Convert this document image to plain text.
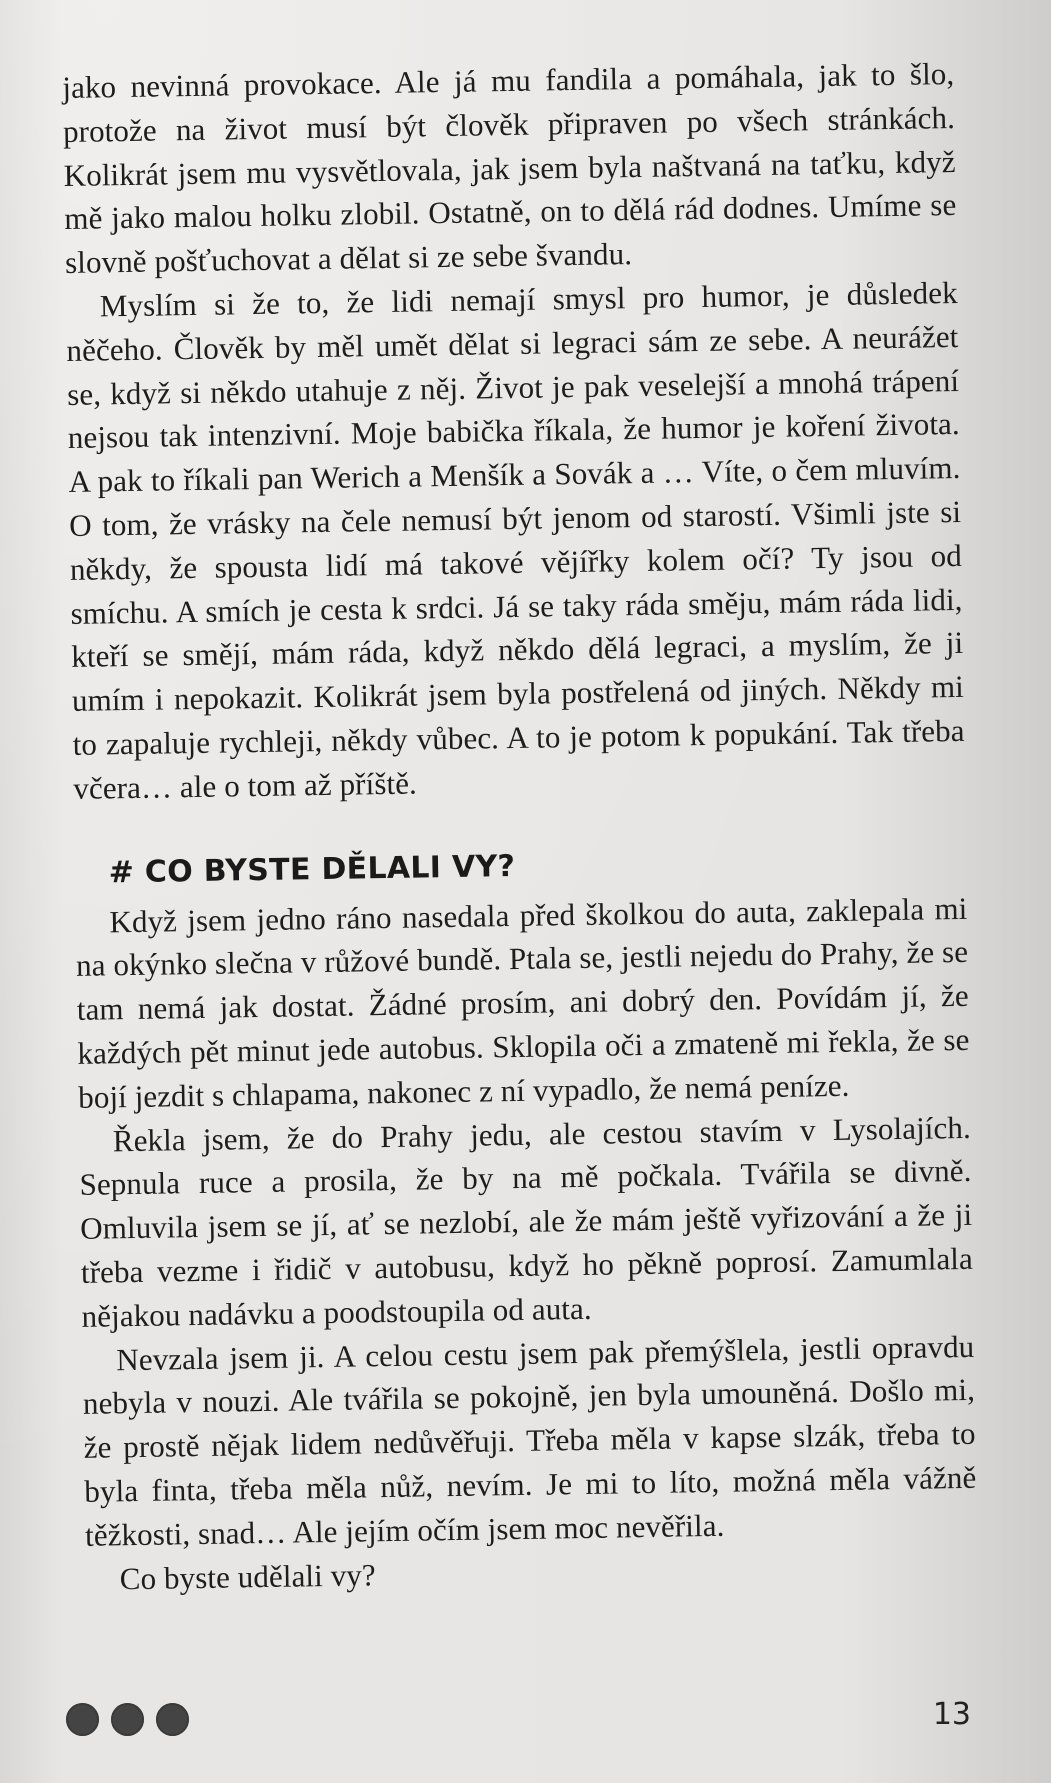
jako nevinná provokace. Ale já mu fandila a pomáhala, jak to šlo, protože na život musí být člověk připraven po všech stránkách. Kolikrát jsem mu vysvětlovala, jak jsem byla naštvaná na taťku, když mě jako malou holku zlobil. Ostatně, on to dělá rád dodnes. Umíme se slovně pošťuchovat a dělat si ze sebe švandu.

Myslím si že to, že lidi nemají smysl pro humor, je důsledek něčeho. Člověk by měl umět dělat si legraci sám ze sebe. A neurážet se, když si někdo utahuje z něj. Život je pak veselejší a mnohá trápení nejsou tak intenzivní. Moje babička říkala, že humor je koření života. A pak to říkali pan Werich a Menšík a Sovák a … Víte, o čem mluvím. O tom, že vrásky na čele nemusí být jenom od starostí. Všimli jste si někdy, že spousta lidí má takové vějířky kolem očí? Ty jsou od smíchu. A smích je cesta k srdci. Já se taky ráda směju, mám ráda lidi, kteří se smějí, mám ráda, když někdo dělá legraci, a myslím, že ji umím i nepokazit. Kolikrát jsem byla postřelená od jiných. Někdy mi to zapaluje rychleji, někdy vůbec. A to je potom k popukání. Tak třeba včera… ale o tom až příště.

# CO BYSTE DĚLALI VY?

Když jsem jedno ráno nasedala před školkou do auta, zaklepala mi na okýnko slečna v růžové bundě. Ptala se, jestli nejedu do Prahy, že se tam nemá jak dostat. Žádné prosím, ani dobrý den. Povídám jí, že každých pět minut jede autobus. Sklopila oči a zmateně mi řekla, že se bojí jezdit s chlapama, nakonec z ní vypadlo, že nemá peníze.

Řekla jsem, že do Prahy jedu, ale cestou stavím v Lysolajích. Sepnula ruce a prosila, že by na mě počkala. Tvářila se divně. Omluvila jsem se jí, ať se nezlobí, ale že mám ještě vyřizování a že ji třeba vezme i řidič v autobusu, když ho pěkně poprosí. Zamumlala nějakou nadávku a poodstoupila od auta.

Nevzala jsem ji. A celou cestu jsem pak přemýšlela, jestli opravdu nebyla v nouzi. Ale tvářila se pokojně, jen byla umouněná. Došlo mi, že prostě nějak lidem nedůvěřuji. Třeba měla v kapse slzák, třeba to byla finta, třeba měla nůž, nevím. Je mi to líto, možná měla vážně těžkosti, snad… Ale jejím očím jsem moc nevěřila.

Co byste udělali vy?

13
